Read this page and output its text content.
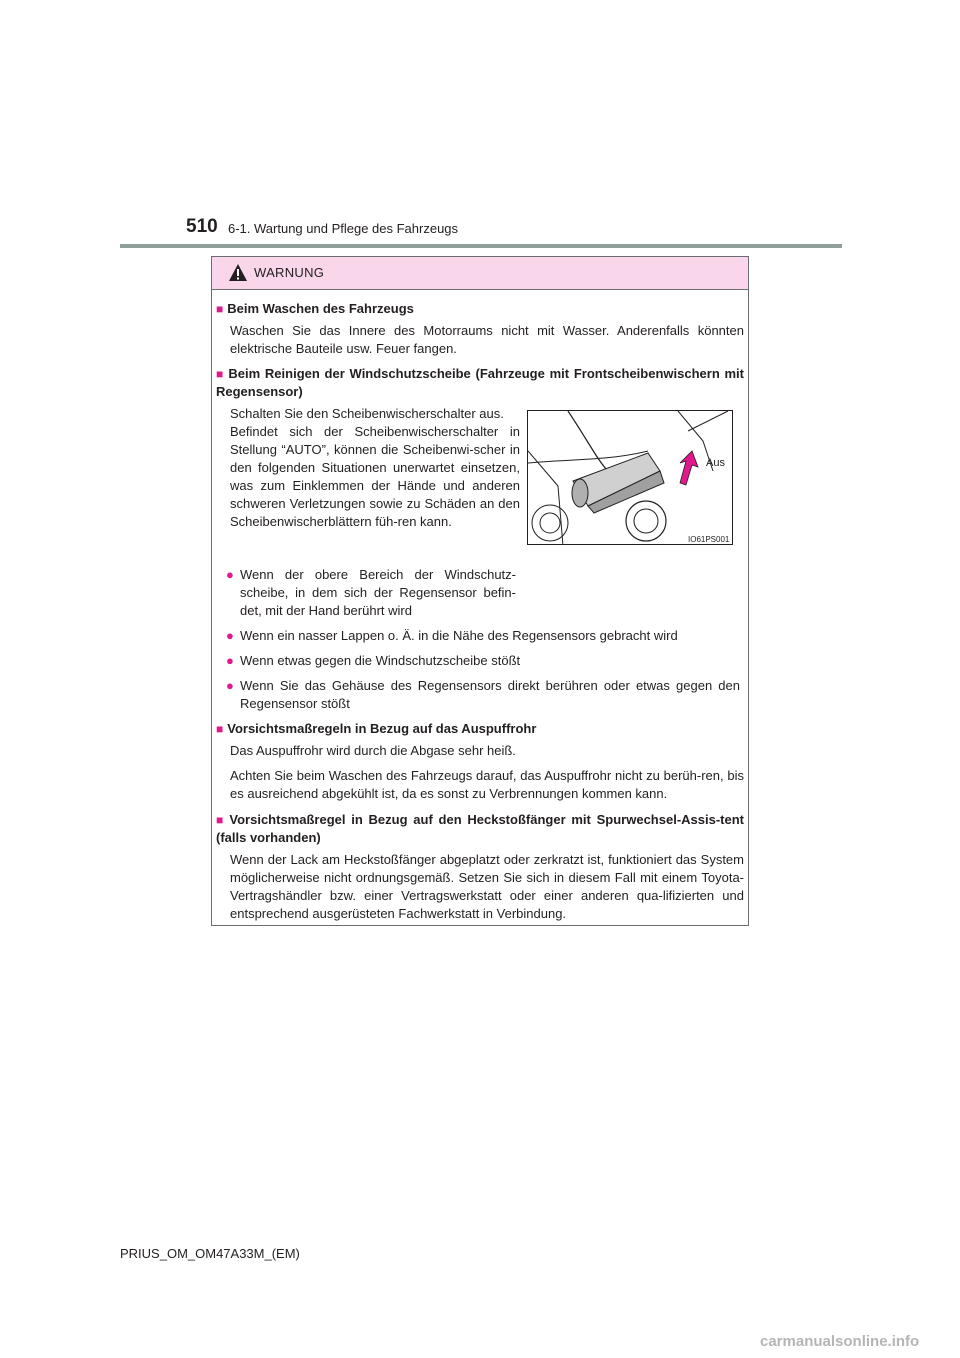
510 6-1. Wartung und Pflege des Fahrzeugs
WARNUNG
■ Beim Waschen des Fahrzeugs
Waschen Sie das Innere des Motorraums nicht mit Wasser. Anderenfalls könnten elektrische Bauteile usw. Feuer fangen.
■ Beim Reinigen der Windschutzscheibe (Fahrzeuge mit Frontscheibenwischern mit Regensensor)
Schalten Sie den Scheibenwischerschalter aus.
Befindet sich der Scheibenwischerschalter in Stellung “AUTO”, können die Scheibenwi-scher in den folgenden Situationen unerwartet einsetzen, was zum Einklemmen der Hände und anderen schweren Verletzungen sowie zu Schäden an den Scheibenwischerblättern füh-ren kann.
Aus
IO61PS001
● Wenn der obere Bereich der Windschutz-scheibe, in dem sich der Regensensor befin-det, mit der Hand berührt wird
● Wenn ein nasser Lappen o. Ä. in die Nähe des Regensensors gebracht wird
● Wenn etwas gegen die Windschutzscheibe stößt
● Wenn Sie das Gehäuse des Regensensors direkt berühren oder etwas gegen den Regensensor stößt
■ Vorsichtsmaßregeln in Bezug auf das Auspuffrohr
Das Auspuffrohr wird durch die Abgase sehr heiß.
Achten Sie beim Waschen des Fahrzeugs darauf, das Auspuffrohr nicht zu berüh-ren, bis es ausreichend abgekühlt ist, da es sonst zu Verbrennungen kommen kann.
■ Vorsichtsmaßregel in Bezug auf den Heckstoßfänger mit Spurwechsel-Assis-tent (falls vorhanden)
Wenn der Lack am Heckstoßfänger abgeplatzt oder zerkratzt ist, funktioniert das System möglicherweise nicht ordnungsgemäß. Setzen Sie sich in diesem Fall mit einem Toyota-Vertragshändler bzw. einer Vertragswerkstatt oder einer anderen qua-lifizierten und entsprechend ausgerüsteten Fachwerkstatt in Verbindung.
PRIUS_OM_OM47A33M_(EM)
carmanualsonline.info
